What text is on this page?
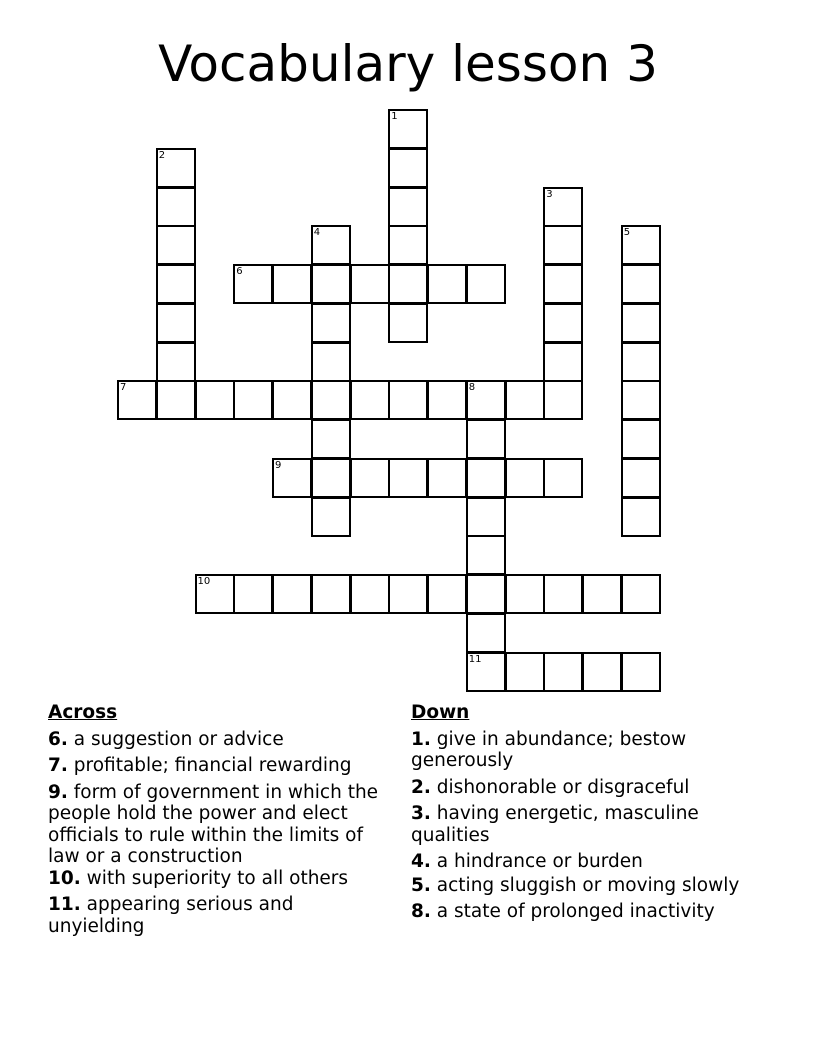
Vocabulary lesson 3
1
2
3
4	5
6
7	8
11
9
10
Across
6. a suggestion or advice
7. profitable; financial rewarding
9. form of government in which the people hold the power and elect officials to rule within the limits of law or a construction
10. with superiority to all others
11. appearing serious and unyielding
Down
1. give in abundance; bestow generously
2. dishonorable or disgraceful
3. having energetic, masculine qualities
4. a hindrance or burden
5. acting sluggish or moving slowly
8. a state of prolonged inactivity
